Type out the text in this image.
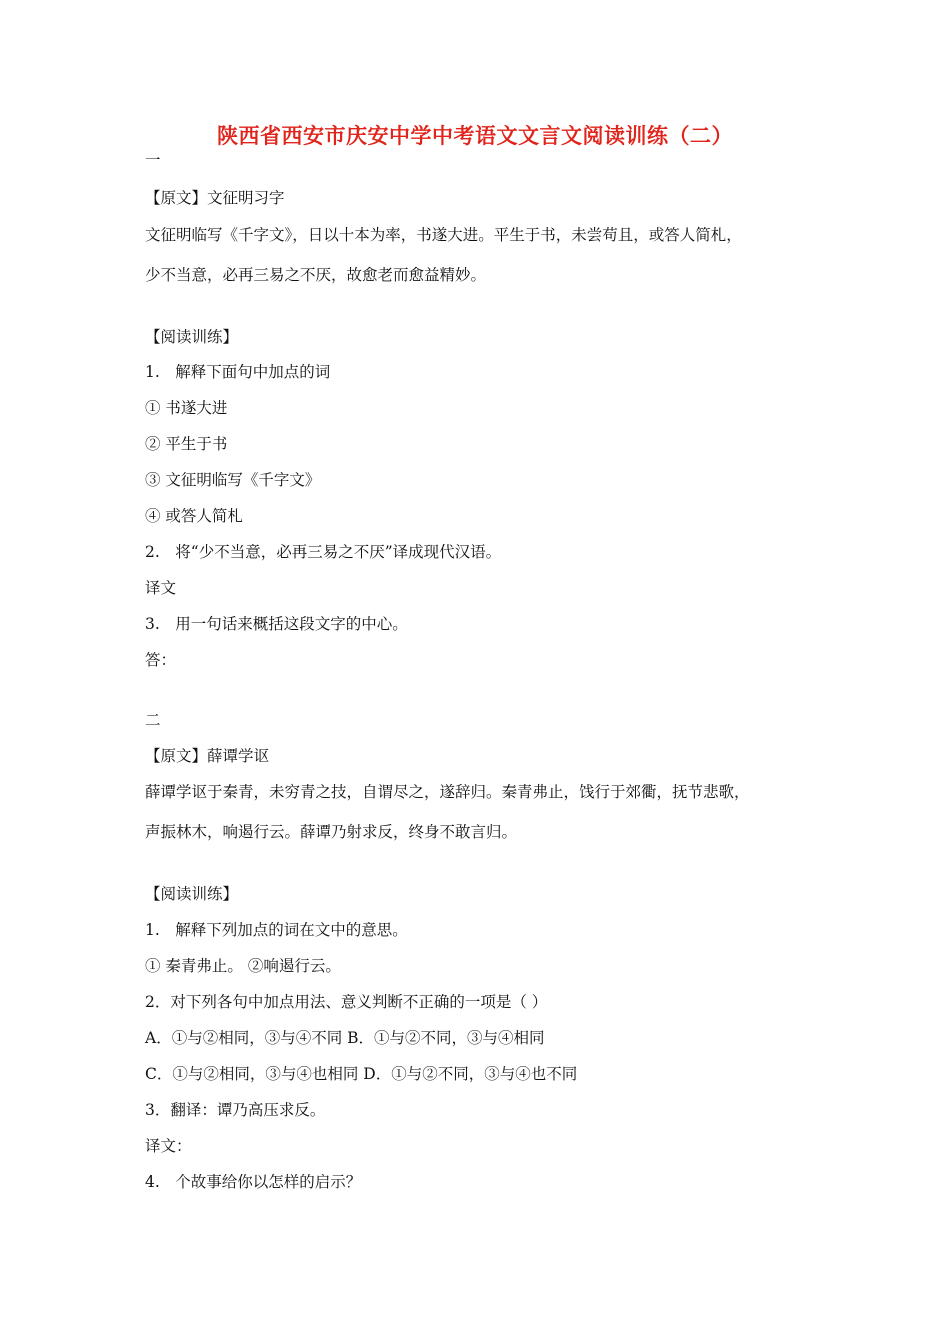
陕西省西安市庆安中学中考语文文言文阅读训练（二）
一
【原文】文征明习字
文征明临写《千字文》，日以十本为率，书遂大进。平生于书，未尝苟且，或答人简札，
少不当意，必再三易之不厌，故愈老而愈益精妙。
【阅读训练】
1.　解释下面句中加点的词
① 书遂大进
② 平生于书
③ 文征明临写《千字文》
④ 或答人简札
2.　将“少不当意，必再三易之不厌”译成现代汉语。
译文
3.　用一句话来概括这段文字的中心。
答：
二
【原文】薛谭学讴
薛谭学讴于秦青，未穷青之技，自谓尽之，遂辞归。秦青弗止，饯行于郊衢，抚节悲歌，
声振林木，响遏行云。薛谭乃射求反，终身不敢言归。
【阅读训练】
1.　解释下列加点的词在文中的意思。
① 秦青弗止。 ②响遏行云。
2．对下列各句中加点用法、意义判断不正确的一项是（ ）
A．①与②相同，③与④不同 B．①与②不同，③与④相同
C．①与②相同，③与④也相同 D．①与②不同，③与④也不同
3．翻译：谭乃高压求反。
译文：
4.　个故事给你以怎样的启示？
